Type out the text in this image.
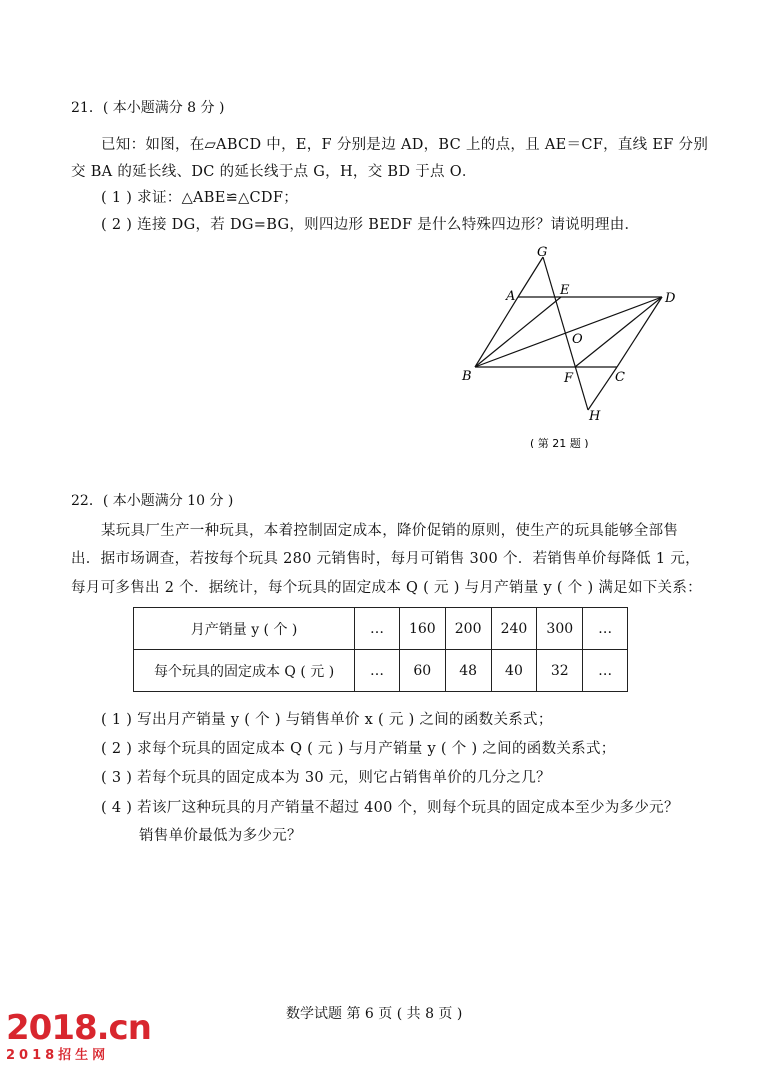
21．( 本小题满分 8 分 )
已知：如图，在▱ABCD 中，E，F 分别是边 AD，BC 上的点，且 AE＝CF，直线 EF 分别
交 BA 的延长线、DC 的延长线于点 G，H，交 BD 于点 O．
( 1 ) 求证：△ABE≌△CDF；
( 2 ) 连接 DG，若 DG=BG，则四边形 BEDF 是什么特殊四边形？请说明理由．
G
A	E
D
O
B	F	C
H
( 第 21 题 )
22．( 本小题满分 10 分 )
某玩具厂生产一种玩具，本着控制固定成本，降价促销的原则，使生产的玩具能够全部售
出．据市场调查，若按每个玩具 280 元销售时，每月可销售 300 个．若销售单价每降低 1 元，
每月可多售出 2 个．据统计，每个玩具的固定成本 Q ( 元 ) 与月产销量 y ( 个 ) 满足如下关系：
月产销量 y ( 个 )	…	160	200	240	300	…
每个玩具的固定成本 Q ( 元 )	…	60	48	40	32	…
( 1 ) 写出月产销量 y ( 个 ) 与销售单价 x ( 元 ) 之间的函数关系式；
( 2 ) 求每个玩具的固定成本 Q ( 元 ) 与月产销量 y ( 个 ) 之间的函数关系式；
( 3 ) 若每个玩具的固定成本为 30 元，则它占销售单价的几分之几？
( 4 ) 若该厂这种玩具的月产销量不超过 400 个，则每个玩具的固定成本至少为多少元？
销售单价最低为多少元？
数学试题 第 6 页 ( 共 8 页 )
2018.cn
2018招生网
